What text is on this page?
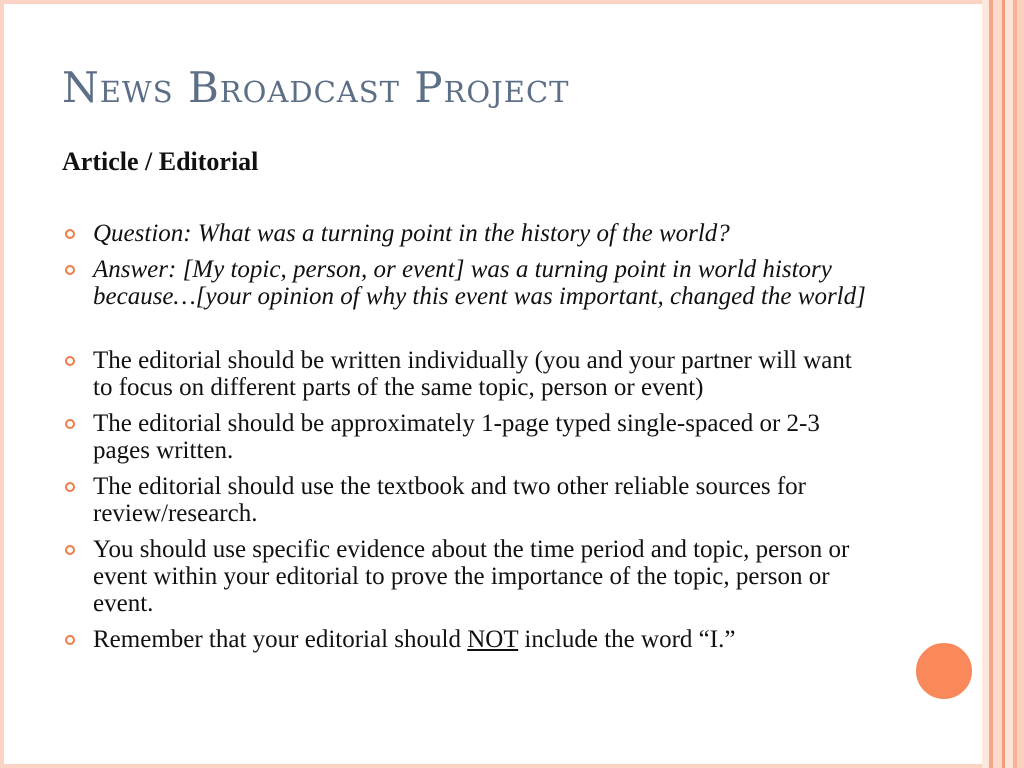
News Broadcast Project
Article / Editorial
Question: What was a turning point in the history of the world?
Answer: [My topic, person, or event] was a turning point in world history because…[your opinion of why this event was important, changed the world]
The editorial should be written individually (you and your partner will want to focus on different parts of the same topic, person or event)
The editorial should be approximately 1-page typed single-spaced or 2-3 pages written.
The editorial should use the textbook and two other reliable sources for review/research.
You should use specific evidence about the time period and topic, person or event within your editorial to prove the importance of the topic, person or event.
Remember that your editorial should NOT include the word “I.”
